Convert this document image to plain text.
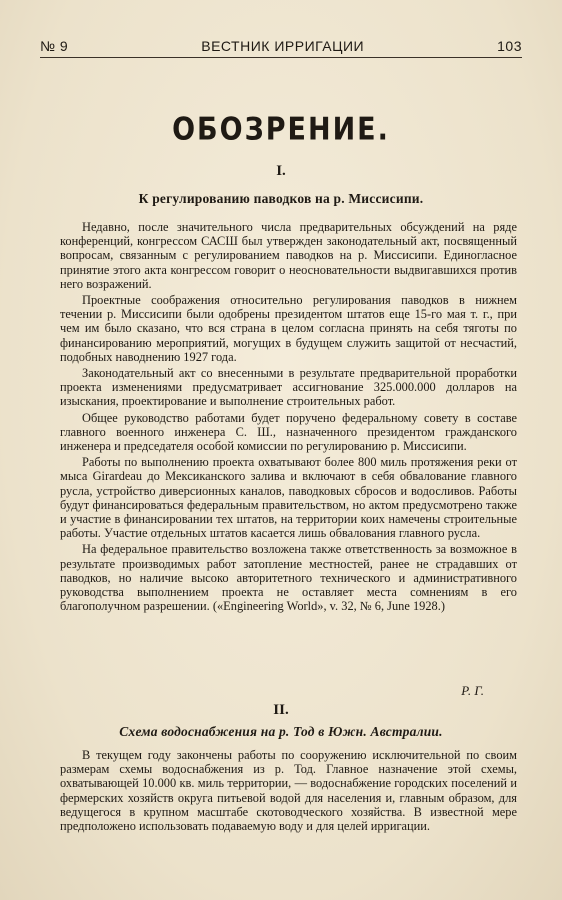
№ 9	ВЕСТНИК ИРРИГАЦИИ	103
ОБОЗРЕНИЕ.
I.
К регулированию паводков на р. Миссисипи.

Недавно, после значительного числа предварительных обсуждений на ряде конференций, конгрессом САСШ был утвержден законодательный акт, посвященный вопросам, связанным с регулированием паводков на р. Миссисипи. Единогласное принятие этого акта конгрессом говорит о неосновательности выдвигавшихся против него возражений.

Проектные соображения относительно регулирования паводков в нижнем течении р. Миссисипи были одобрены президентом штатов еще 15-го мая т. г., при чем им было сказано, что вся страна в целом согласна принять на себя тяготы по финансированию мероприятий, могущих в будущем служить защитой от несчастий, подобных наводнению 1927 года.

Законодательный акт со внесенными в результате предварительной проработки проекта изменениями предусматривает ассигнование 325.000.000 долларов на изыскания, проектирование и выполнение строительных работ.

Общее руководство работами будет поручено федеральному совету в составе главного военного инженера С. Ш., назначенного президентом гражданского инженера и председателя особой комиссии по регулированию р. Миссисипи.

Работы по выполнению проекта охватывают более 800 миль протяжения реки от мыса Girardeau до Мексиканского залива и включают в себя обвалование главного русла, устройство диверсионных каналов, паводковых сбросов и водосливов. Работы будут финансироваться федеральным правительством, но актом предусмотрено также и участие в финансировании тех штатов, на территории коих намечены строительные работы. Участие отдельных штатов касается лишь обвалования главного русла.

На федеральное правительство возложена также ответственность за возможное в результате производимых работ затопление местностей, ранее не страдавших от паводков, но наличие высоко авторитетного технического и административного руководства выполнением проекта не оставляет места сомнениям в его благополучном разрешении. («Engineering World», v. 32, № 6, June 1928.)

Р. Г.
II.
Схема водоснабжения на р. Тод в Южн. Австралии.

В текущем году закончены работы по сооружению исключительной по своим размерам схемы водоснабжения из р. Тод. Главное назначение этой схемы, охватывающей 10.000 кв. миль территории, — водоснабжение городских поселений и фермерских хозяйств округа питьевой водой для населения и, главным образом, для ведущегося в крупном масштабе скотоводческого хозяйства. В известной мере предположено использовать подаваемую воду и для целей ирригации.
